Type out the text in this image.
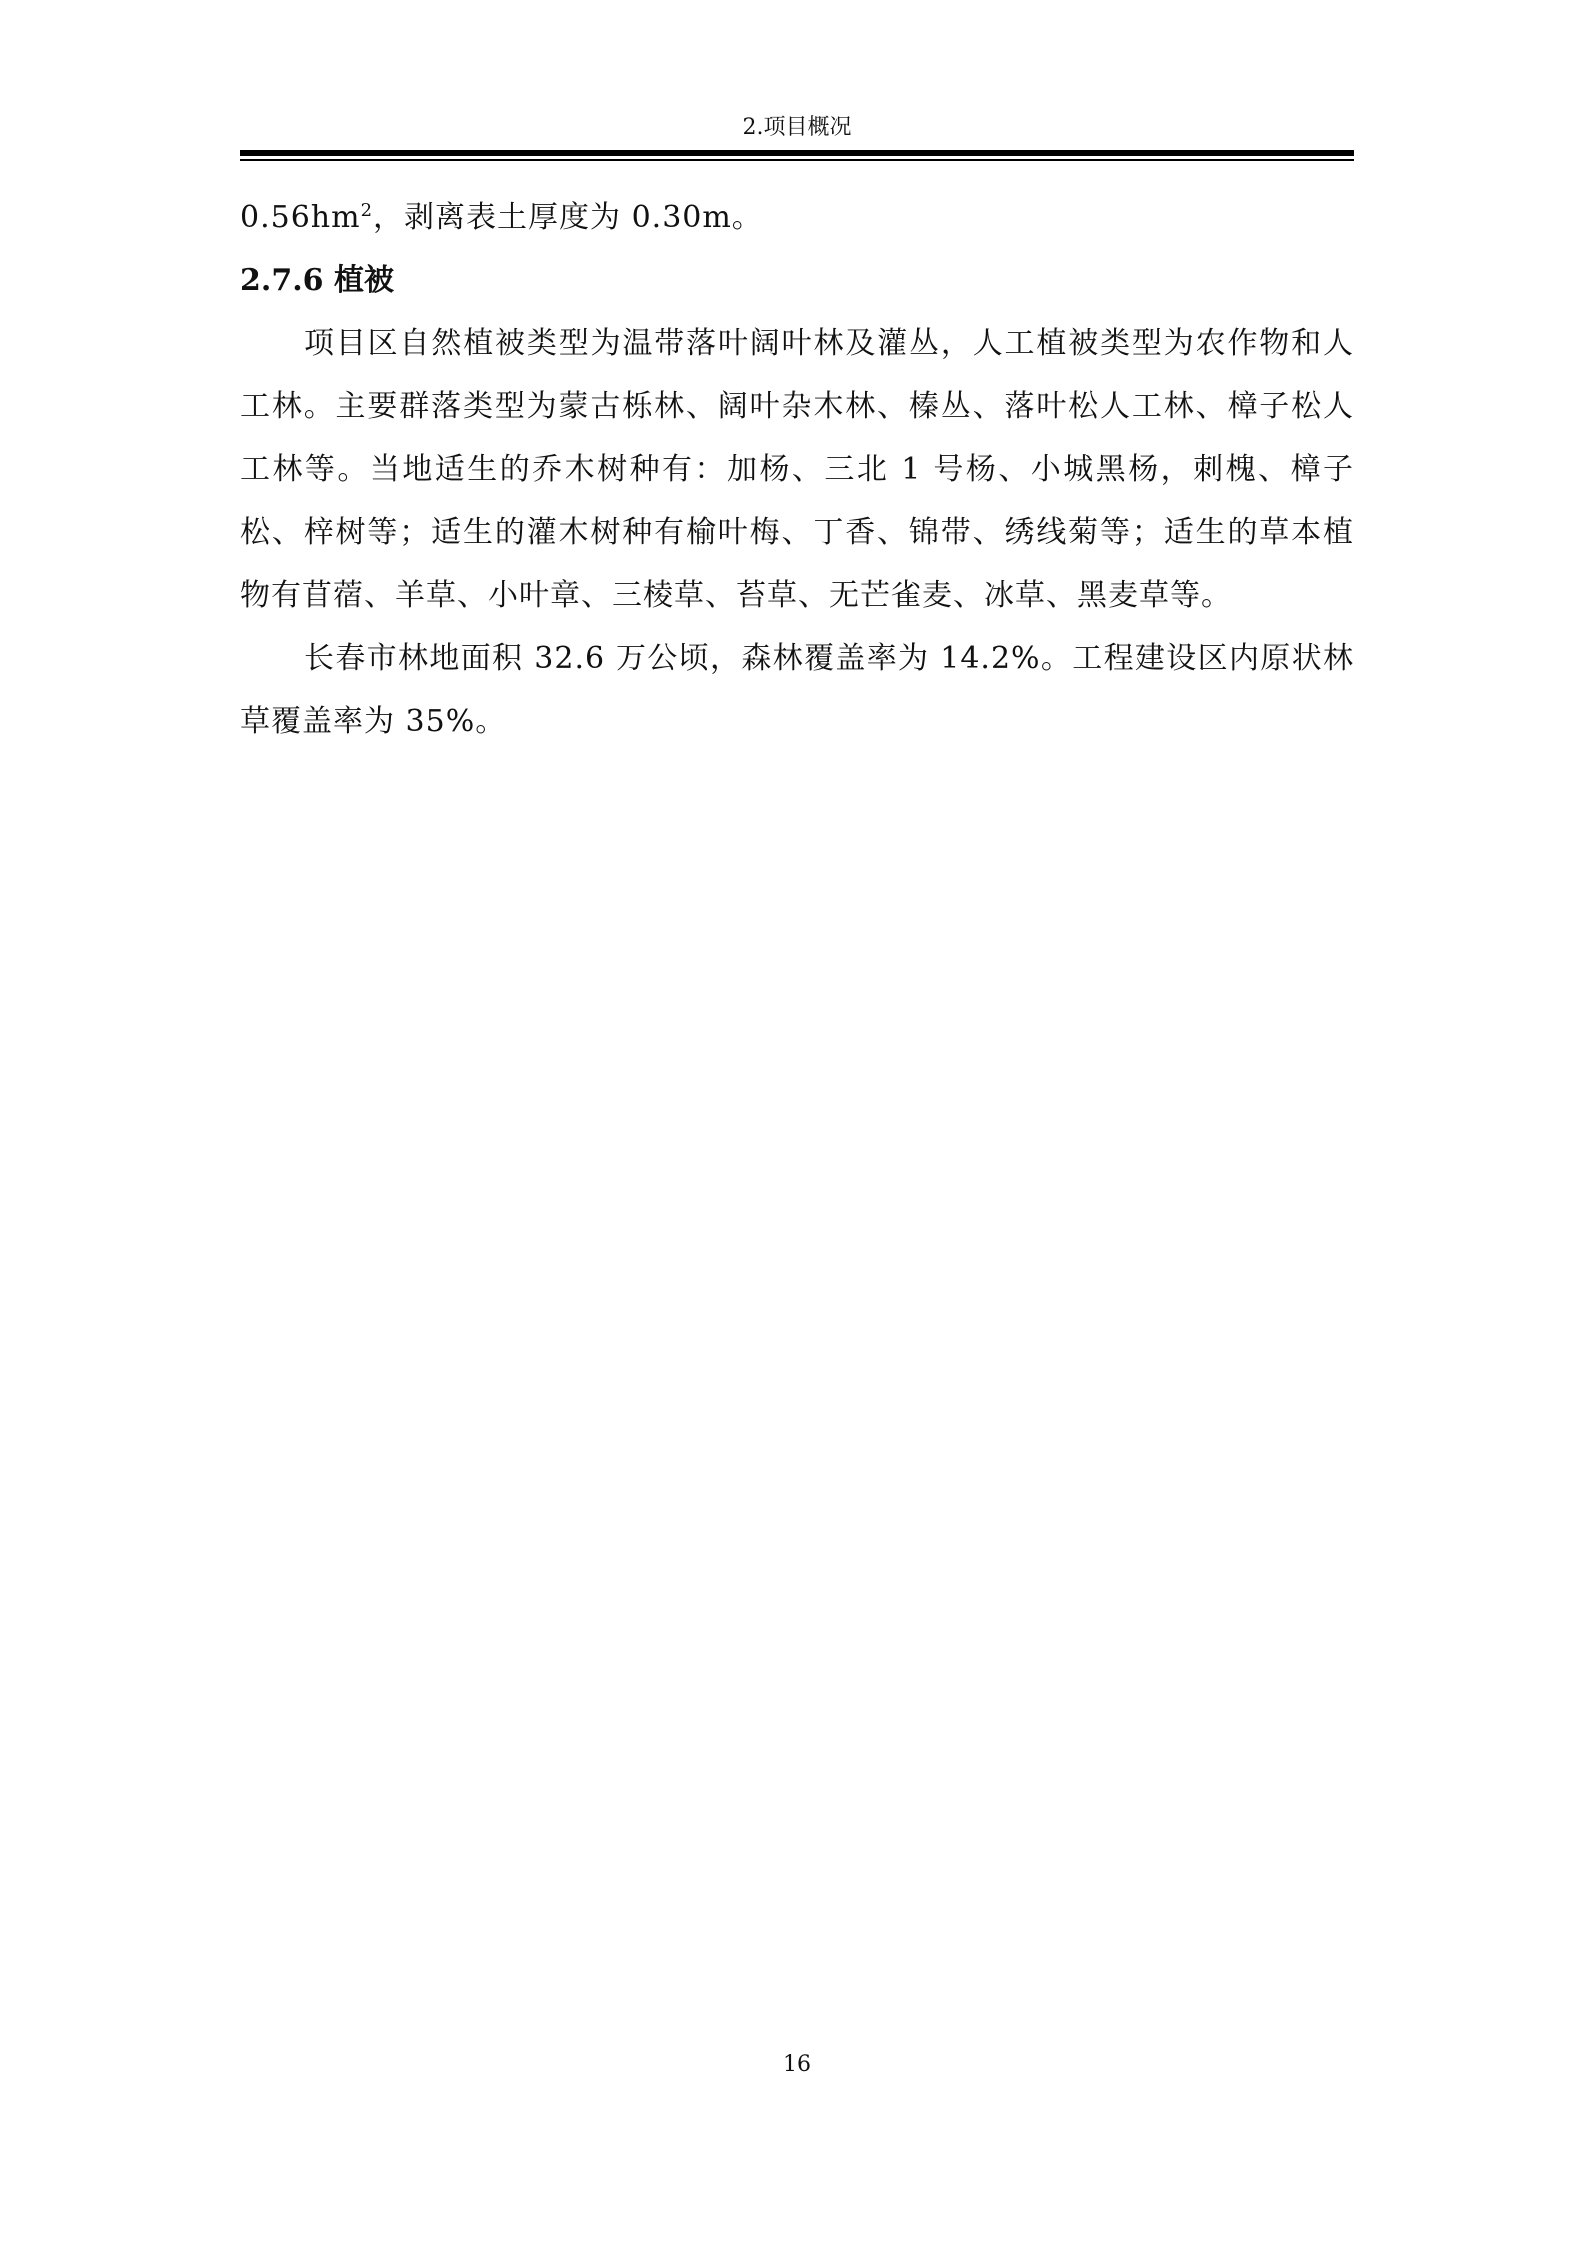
2.项目概况

$0.56hm^2$，剥离表土厚度为 0.30m。

2.7.6 植被

项目区自然植被类型为温带落叶阔叶林及灌丛，人工植被类型为农作物和人工林。主要群落类型为蒙古栎林、阔叶杂木林、榛丛、落叶松人工林、樟子松人工林等。当地适生的乔木树种有：加杨、三北 1 号杨、小城黑杨，刺槐、樟子松、梓树等；适生的灌木树种有榆叶梅、丁香、锦带、绣线菊等；适生的草本植物有苜蓿、羊草、小叶章、三棱草、苔草、无芒雀麦、冰草、黑麦草等。

长春市林地面积 32.6 万公顷，森林覆盖率为 14.2%。工程建设区内原状林草覆盖率为 35%。

16
